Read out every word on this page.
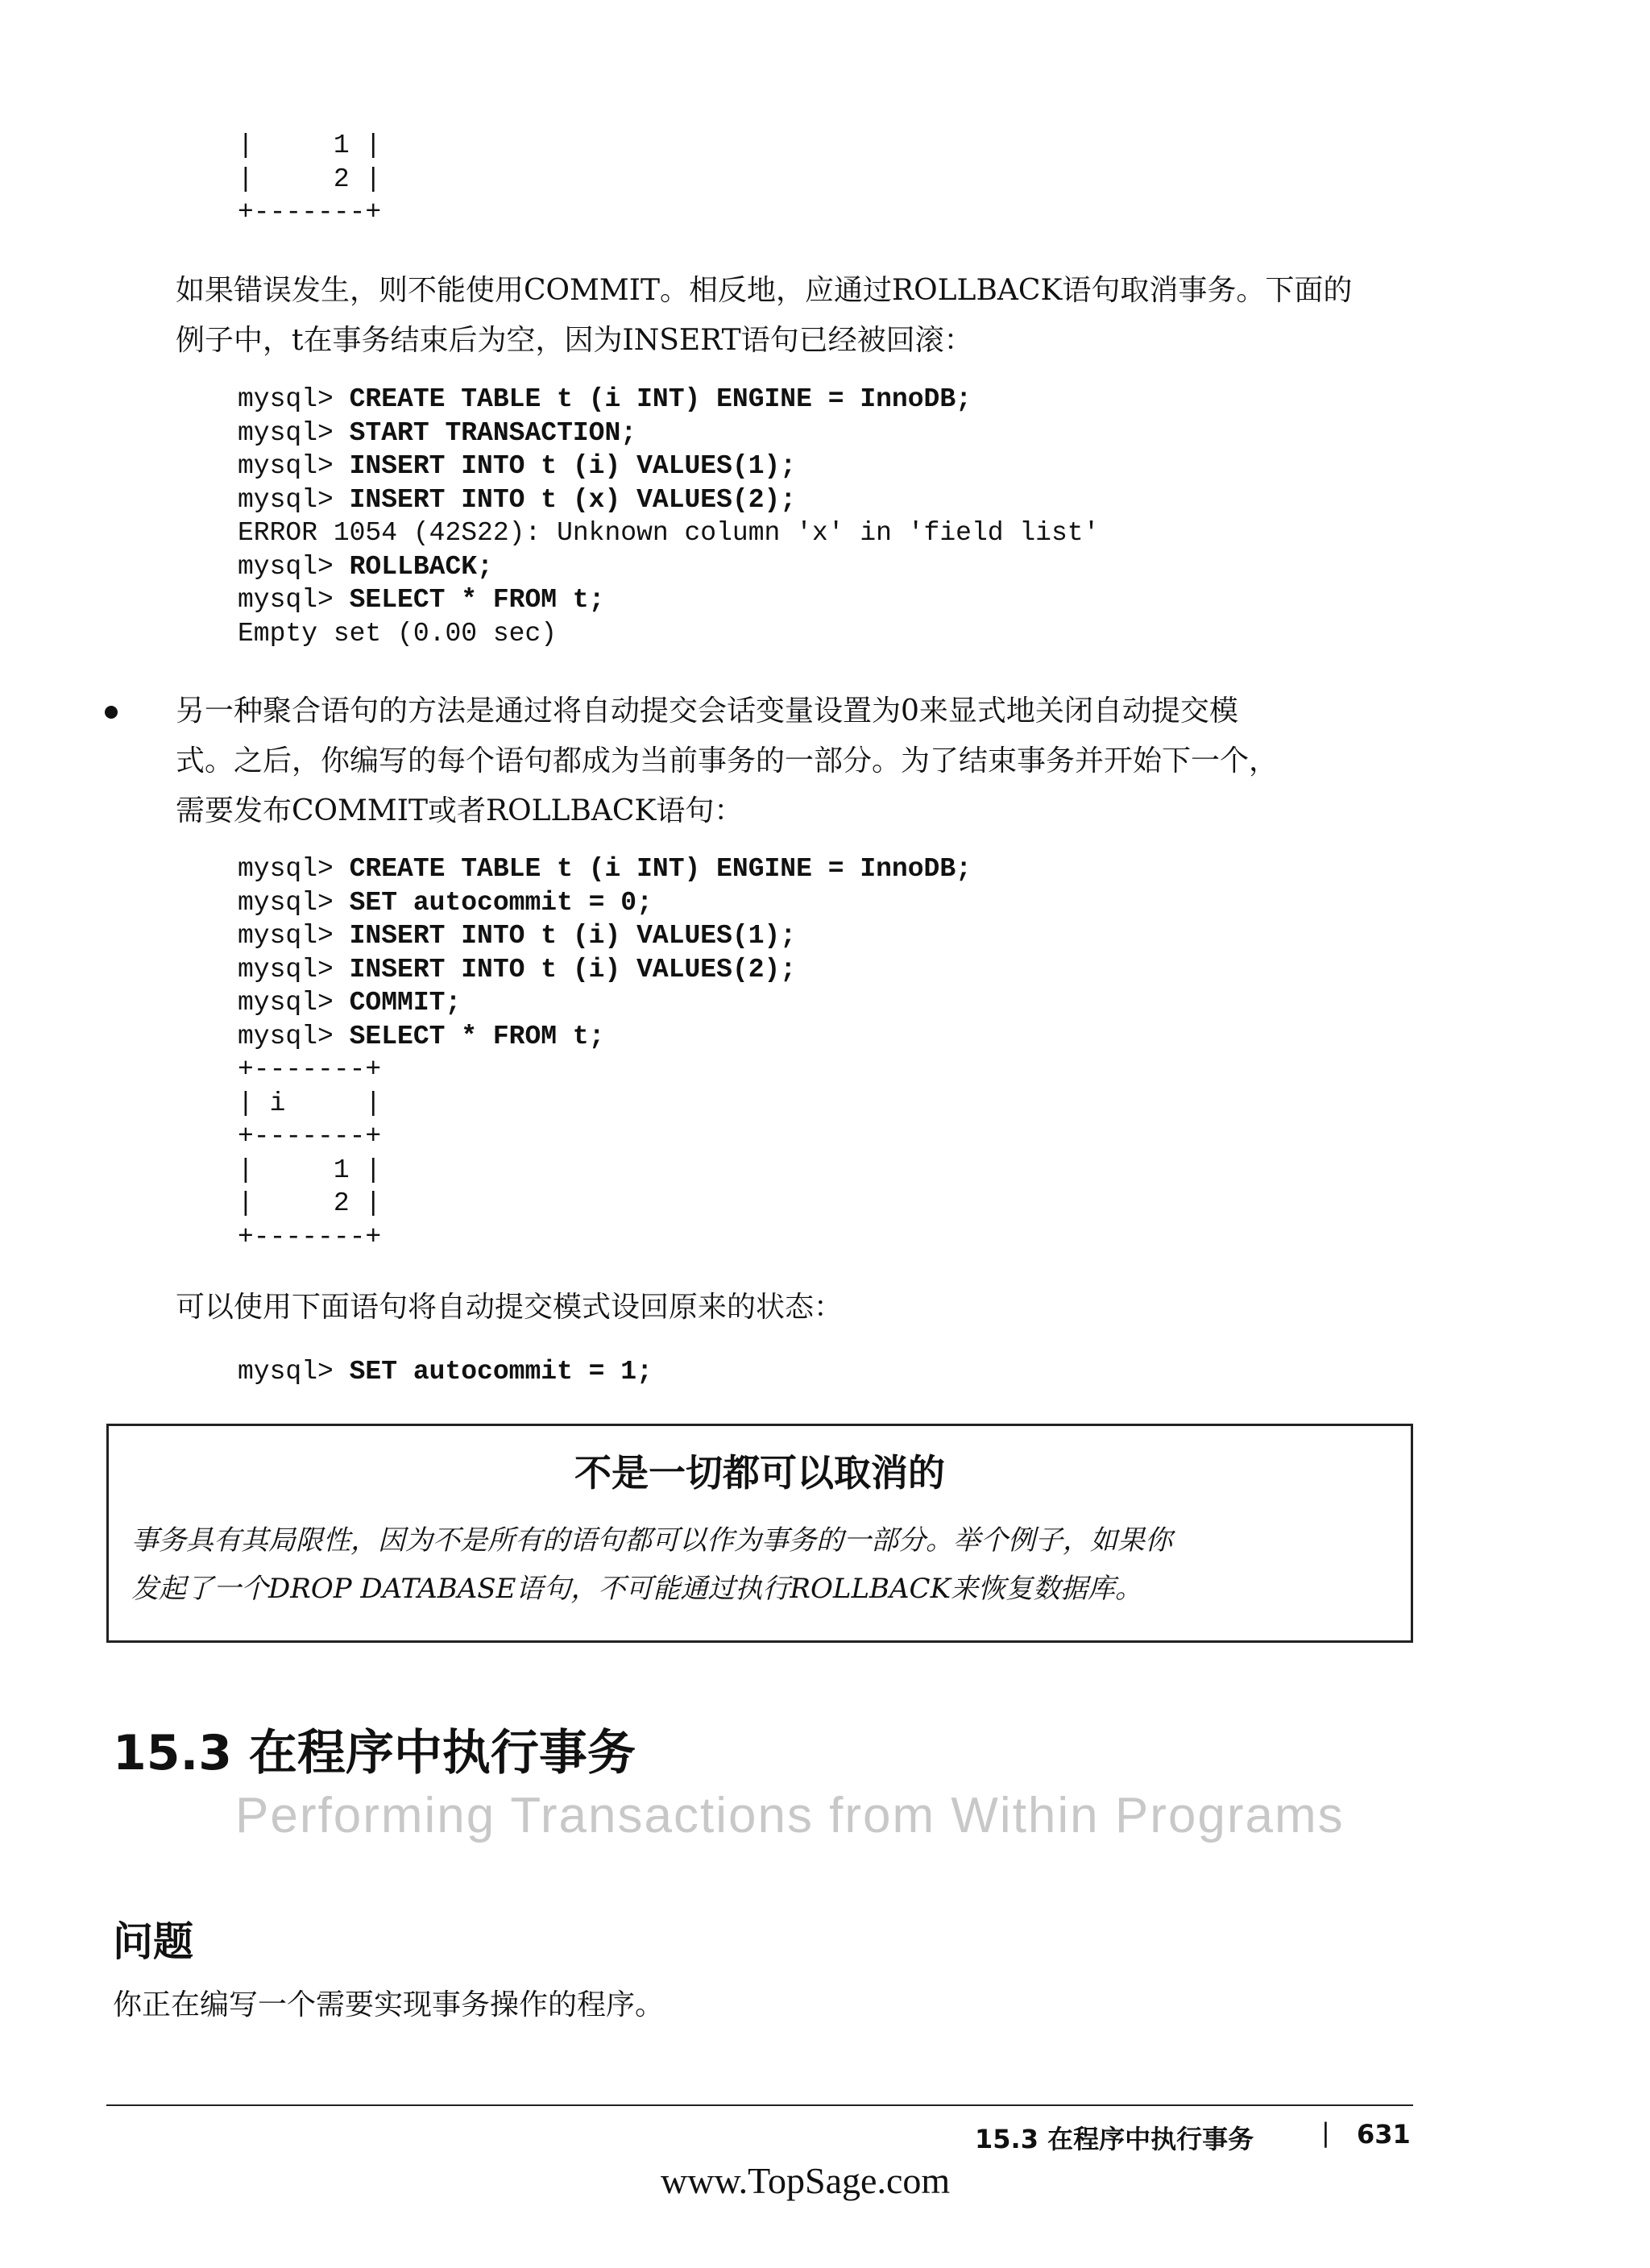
|     1 |
|     2 |
+-------+
如果错误发生，则不能使用COMMIT。相反地，应通过ROLLBACK语句取消事务。下面的
例子中，t在事务结束后为空，因为INSERT语句已经被回滚：
mysql> CREATE TABLE t (i INT) ENGINE = InnoDB;
mysql> START TRANSACTION;
mysql> INSERT INTO t (i) VALUES(1);
mysql> INSERT INTO t (x) VALUES(2);
ERROR 1054 (42S22): Unknown column 'x' in 'field list'
mysql> ROLLBACK;
mysql> SELECT * FROM t;
Empty set (0.00 sec)
另一种聚合语句的方法是通过将自动提交会话变量设置为0来显式地关闭自动提交模
式。之后，你编写的每个语句都成为当前事务的一部分。为了结束事务并开始下一个，
需要发布COMMIT或者ROLLBACK语句：
mysql> CREATE TABLE t (i INT) ENGINE = InnoDB;
mysql> SET autocommit = 0;
mysql> INSERT INTO t (i) VALUES(1);
mysql> INSERT INTO t (i) VALUES(2);
mysql> COMMIT;
mysql> SELECT * FROM t;
+-------+
| i     |
+-------+
|     1 |
|     2 |
+-------+
可以使用下面语句将自动提交模式设回原来的状态：
mysql> SET autocommit = 1;
不是一切都可以取消的
事务具有其局限性，因为不是所有的语句都可以作为事务的一部分。举个例子，如果你
发起了一个DROP DATABASE语句，不可能通过执行ROLLBACK来恢复数据库。
15.3 在程序中执行事务
Performing Transactions from Within Programs
问题
你正在编写一个需要实现事务操作的程序。
15.3 在程序中执行事务	| 631
www.TopSage.com
